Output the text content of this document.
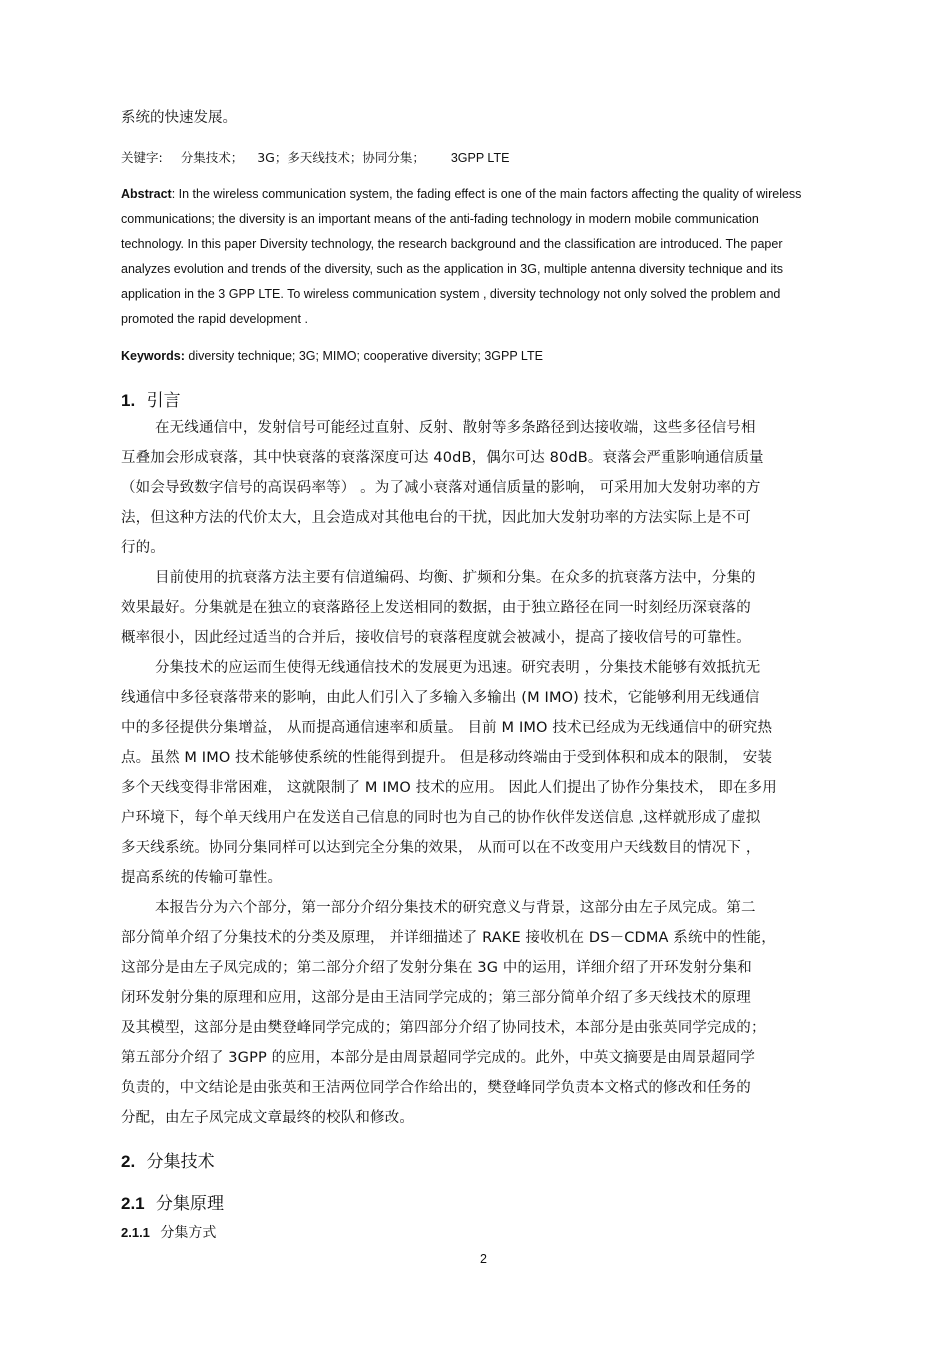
系统的快速发展。
关键字: 分集技术； 3G；多天线技术；协同分集； 3GPP LTE
Abstract: In the wireless communication system, the fading effect is one of the main factors affecting the quality of wireless
communications; the diversity is an important means of the anti-fading technology in modern mobile communication
technology. In this paper Diversity technology, the research background and the classification are introduced. The paper
analyzes evolution and trends of the diversity, such as the application in 3G, multiple antenna diversity technique and its
application in the 3 GPP LTE. To wireless communication system , diversity technology not only solved the problem and
promoted the rapid development .
Keywords: diversity technique; 3G; MIMO; cooperative diversity; 3GPP LTE
1. 引言
在无线通信中，发射信号可能经过直射、反射、散射等多条路径到达接收端，这些多径信号相
互叠加会形成衰落，其中快衰落的衰落深度可达 40dB，偶尔可达 80dB。衰落会严重影响通信质量
（如会导致数字信号的高误码率等） 。为了减小衰落对通信质量的影响， 可采用加大发射功率的方
法，但这种方法的代价太大，且会造成对其他电台的干扰，因此加大发射功率的方法实际上是不可
行的。
目前使用的抗衰落方法主要有信道编码、均衡、扩频和分集。在众多的抗衰落方法中，分集的
效果最好。分集就是在独立的衰落路径上发送相同的数据，由于独立路径在同一时刻经历深衰落的
概率很小，因此经过适当的合并后，接收信号的衰落程度就会被减小，提高了接收信号的可靠性。
分集技术的应运而生使得无线通信技术的发展更为迅速。研究表明 ，分集技术能够有效抵抗无
线通信中多径衰落带来的影响，由此人们引入了多输入多输出 (M IMO) 技术，它能够利用无线通信
中的多径提供分集增益， 从而提高通信速率和质量。 目前 M IMO 技术已经成为无线通信中的研究热
点。虽然 M IMO 技术能够使系统的性能得到提升。 但是移动终端由于受到体积和成本的限制， 安装
多个天线变得非常困难， 这就限制了 M IMO 技术的应用。 因此人们提出了协作分集技术， 即在多用
户环境下，每个单天线用户在发送自己信息的同时也为自己的协作伙伴发送信息 ,这样就形成了虚拟
多天线系统。协同分集同样可以达到完全分集的效果， 从而可以在不改变用户天线数目的情况下 ，
提高系统的传输可靠性。
本报告分为六个部分，第一部分介绍分集技术的研究意义与背景，这部分由左子凤完成。第二
部分简单介绍了分集技术的分类及原理， 并详细描述了 RAKE 接收机在 DS－CDMA 系统中的性能，
这部分是由左子凤完成的；第二部分介绍了发射分集在 3G 中的运用，详细介绍了开环发射分集和
闭环发射分集的原理和应用，这部分是由王洁同学完成的；第三部分简单介绍了多天线技术的原理
及其模型，这部分是由樊登峰同学完成的；第四部分介绍了协同技术，本部分是由张英同学完成的；
第五部分介绍了 3GPP 的应用，本部分是由周景超同学完成的。此外，中英文摘要是由周景超同学
负责的，中文结论是由张英和王洁两位同学合作给出的，樊登峰同学负责本文格式的修改和任务的
分配，由左子凤完成文章最终的校队和修改。
2. 分集技术
2.1 分集原理
2.1.1 分集方式
2
